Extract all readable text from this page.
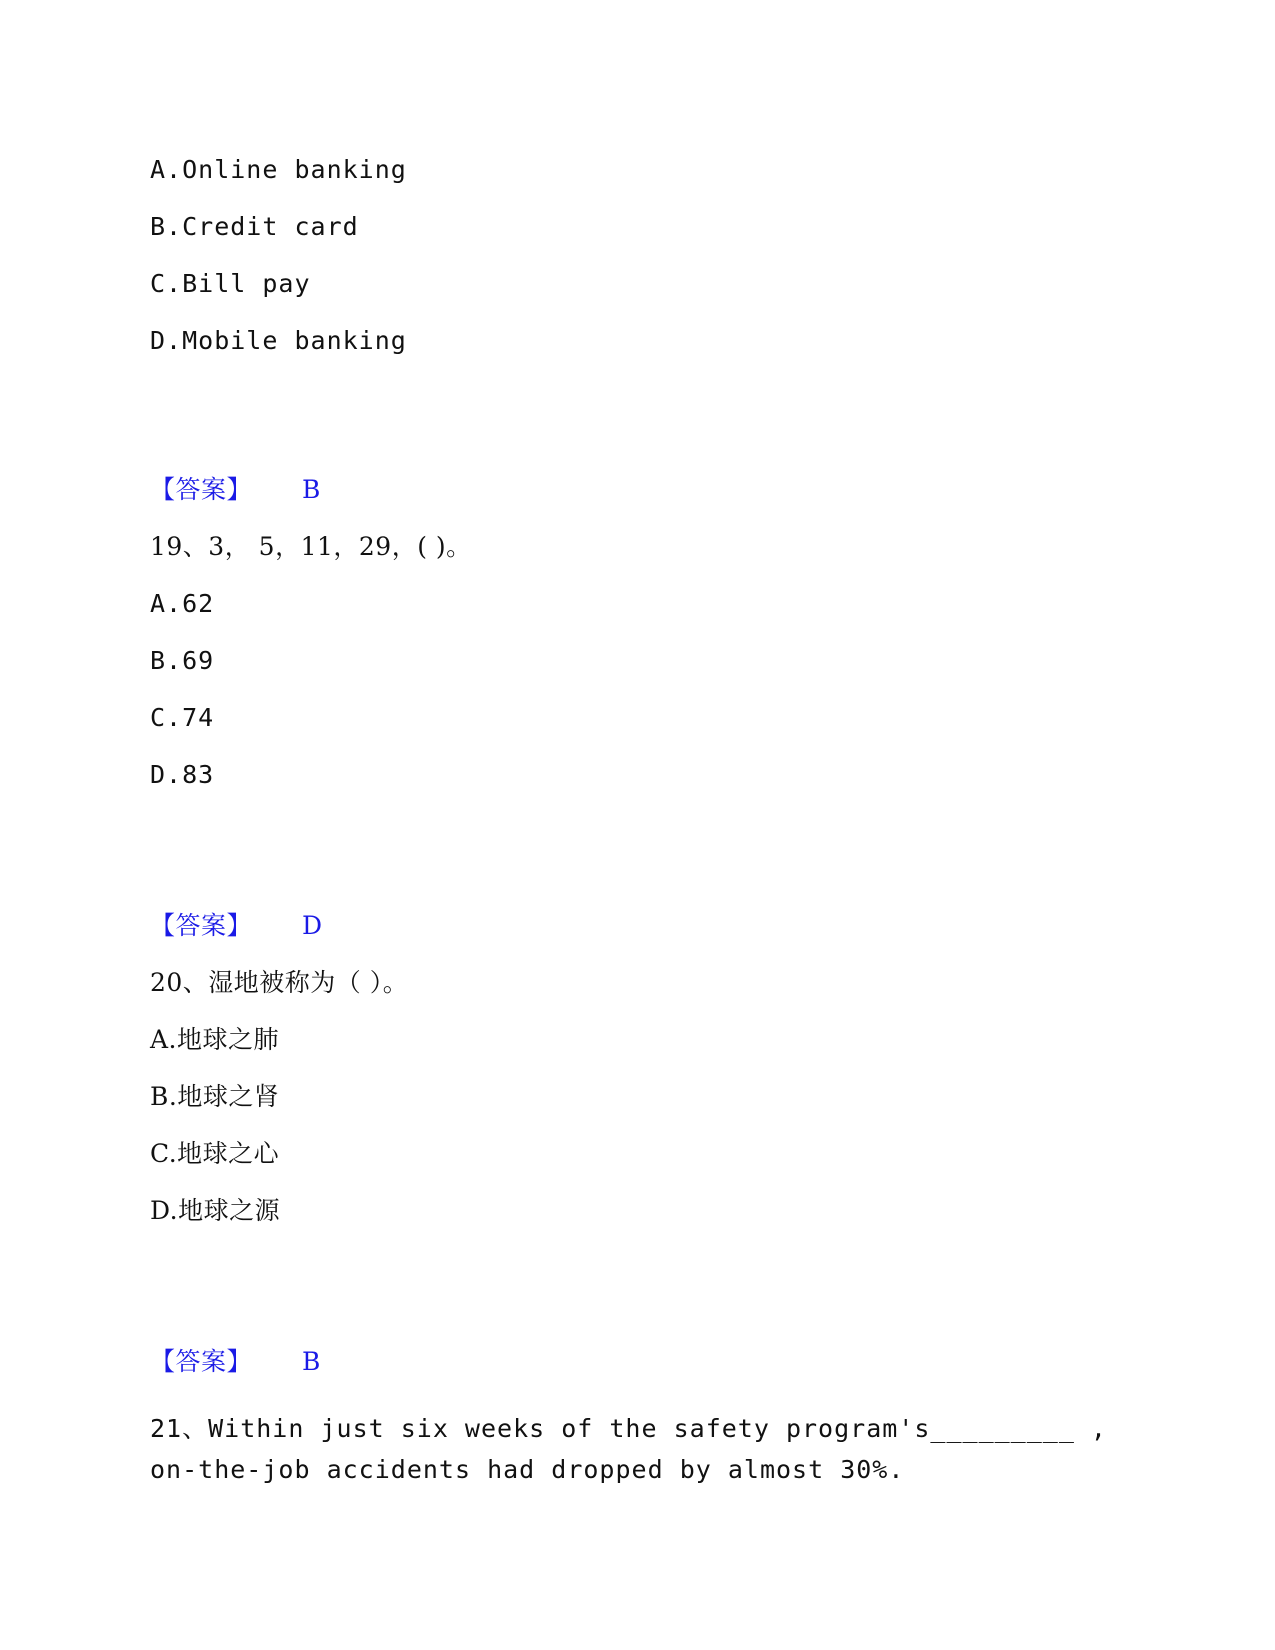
A.Online banking
B.Credit card
C.Bill pay
D.Mobile banking
【答案】 B
19、3， 5，11，29，( )。
A.62
B.69
C.74
D.83
【答案】 D
20、湿地被称为（ ）。
A.地球之肺
B.地球之肾
C.地球之心
D.地球之源
【答案】 B
21、Within just six weeks of the safety program's_________ , on-the-job accidents had dropped by almost 30%.
